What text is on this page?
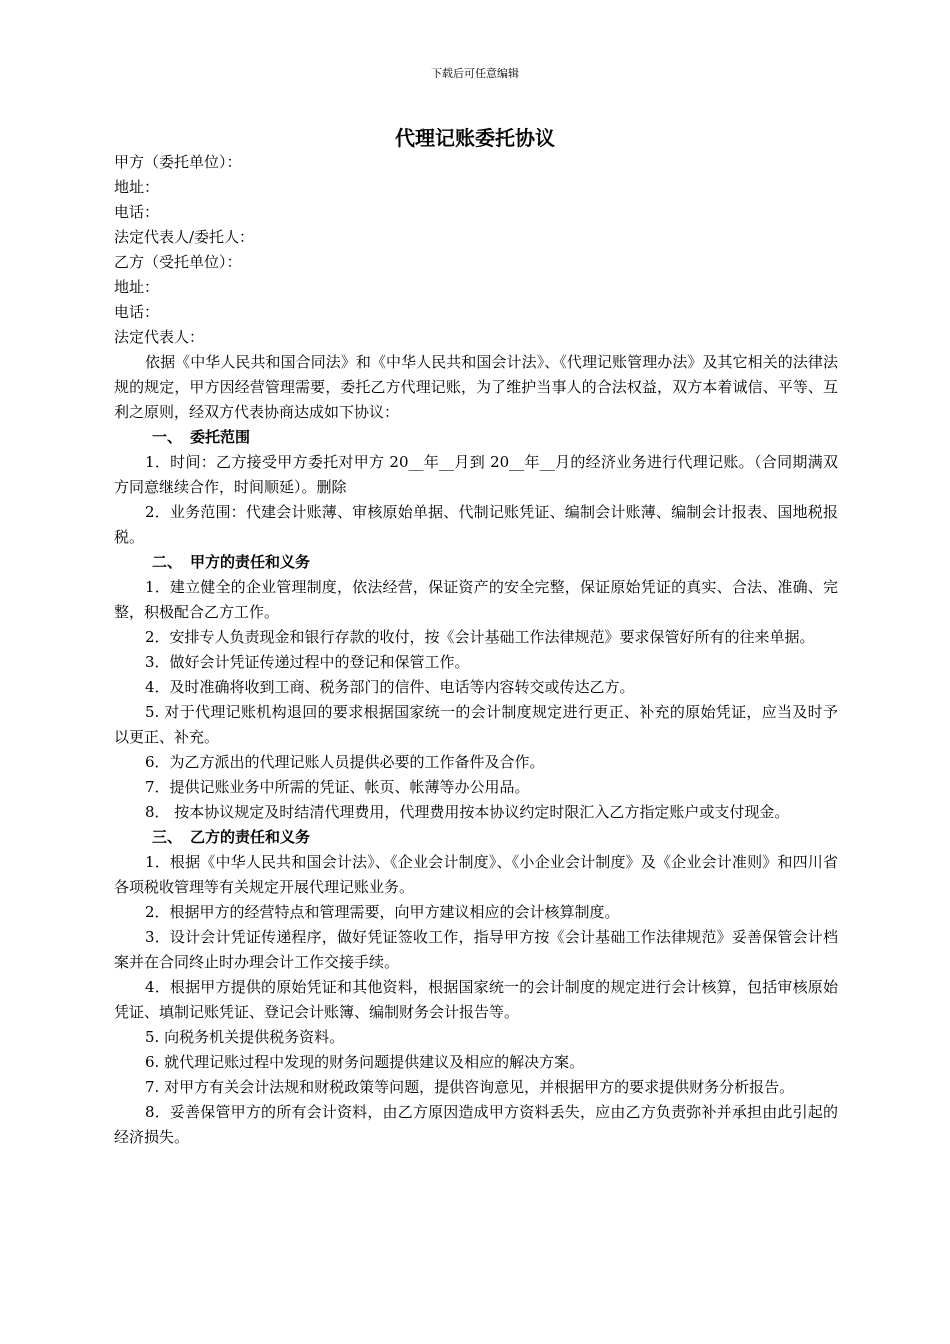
下载后可任意编辑
代理记账委托协议
甲方（委托单位）：
地址：
电话：
法定代表人/委托人：
乙方（受托单位）：
地址：
电话：
法定代表人：
依据《中华人民共和国合同法》和《中华人民共和国会计法》、《代理记账管理办法》及其它相关的法律法规的规定，甲方因经营管理需要，委托乙方代理记账，为了维护当事人的合法权益，双方本着诚信、平等、互利之原则，经双方代表协商达成如下协议：
一、 委托范围
1．时间：乙方接受甲方委托对甲方 20__年__月到 20__年__月的经济业务进行代理记账。（合同期满双方同意继续合作，时间顺延）。删除
2．业务范围：代建会计账薄、审核原始单据、代制记账凭证、编制会计账薄、编制会计报表、国地税报税。
二、 甲方的责任和义务
1．建立健全的企业管理制度，依法经营，保证资产的安全完整，保证原始凭证的真实、合法、准确、完整，积极配合乙方工作。
2．安排专人负责现金和银行存款的收付，按《会计基础工作法律规范》要求保管好所有的往来单据。
3．做好会计凭证传递过程中的登记和保管工作。
4．及时准确将收到工商、税务部门的信件、电话等内容转交或传达乙方。
5. 对于代理记账机构退回的要求根据国家统一的会计制度规定进行更正、补充的原始凭证，应当及时予以更正、补充。
6．为乙方派出的代理记账人员提供必要的工作备件及合作。
7．提供记账业务中所需的凭证、帐页、帐薄等办公用品。
8． 按本协议规定及时结清代理费用，代理费用按本协议约定时限汇入乙方指定账户或支付现金。
三、 乙方的责任和义务
1．根据《中华人民共和国会计法》、《企业会计制度》、《小企业会计制度》及《企业会计准则》和四川省各项税收管理等有关规定开展代理记账业务。
2．根据甲方的经营特点和管理需要，向甲方建议相应的会计核算制度。
3．设计会计凭证传递程序，做好凭证签收工作，指导甲方按《会计基础工作法律规范》妥善保管会计档案并在合同终止时办理会计工作交接手续。
4．根据甲方提供的原始凭证和其他资料，根据国家统一的会计制度的规定进行会计核算，包括审核原始凭证、填制记账凭证、登记会计账簿、编制财务会计报告等。
5. 向税务机关提供税务资料。
6. 就代理记账过程中发现的财务问题提供建议及相应的解决方案。
7. 对甲方有关会计法规和财税政策等问题，提供咨询意见，并根据甲方的要求提供财务分析报告。
8．妥善保管甲方的所有会计资料，由乙方原因造成甲方资料丢失，应由乙方负责弥补并承担由此引起的经济损失。
